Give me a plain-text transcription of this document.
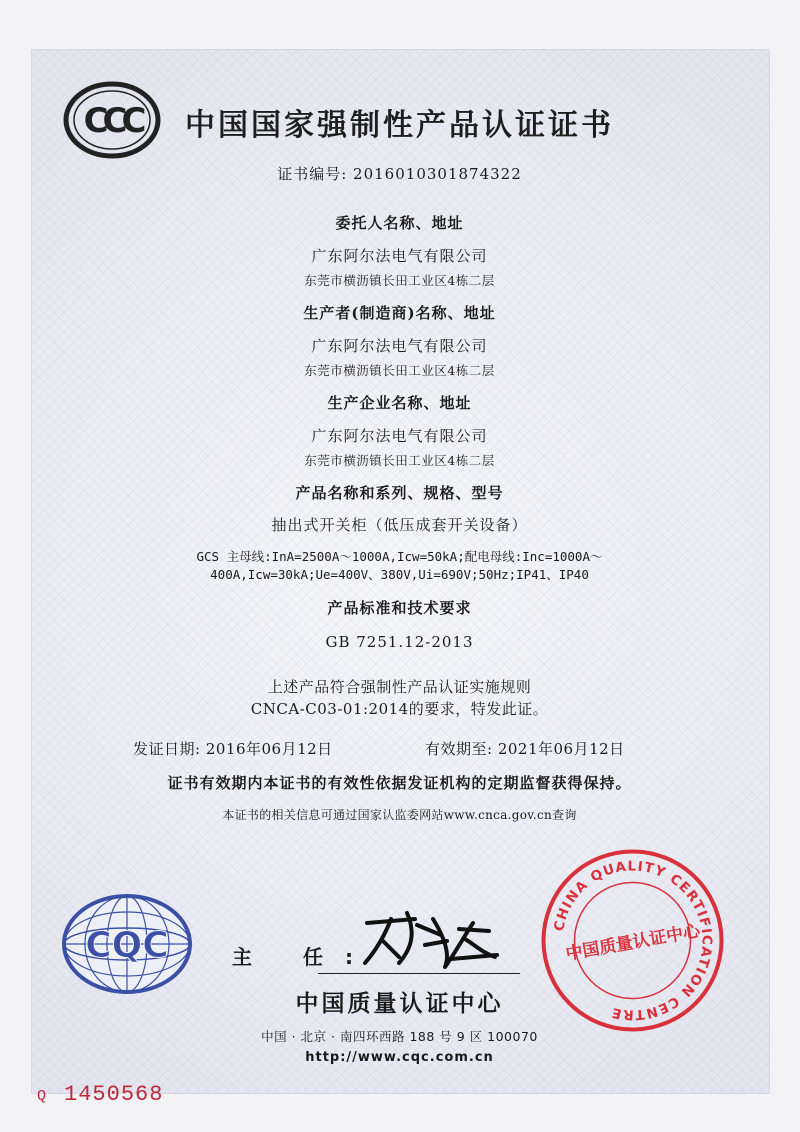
CCC 中国国家强制性产品认证证书
证书编号: 2016010301874322
委托人名称、地址
广东阿尔法电气有限公司
东莞市横沥镇长田工业区4栋二层
生产者(制造商)名称、地址
广东阿尔法电气有限公司
东莞市横沥镇长田工业区4栋二层
生产企业名称、地址
广东阿尔法电气有限公司
东莞市横沥镇长田工业区4栋二层
产品名称和系列、规格、型号
抽出式开关柜（低压成套开关设备）
GCS 主母线:InA=2500A～1000A,Icw=50kA;配电母线:Inc=1000A～
400A,Icw=30kA;Ue=400V、380V,Ui=690V;50Hz;IP41、IP40
产品标准和技术要求
GB 7251.12-2013
上述产品符合强制性产品认证实施规则
CNCA-C03-01:2014的要求，特发此证。
发证日期: 2016年06月12日	有效期至: 2021年06月12日
证书有效期内本证书的有效性依据发证机构的定期监督获得保持。
本证书的相关信息可通过国家认监委网站www.cnca.gov.cn查询
CQC	主 任:
中国质量认证中心
中国 · 北京 · 南四环西路 188 号 9 区 100070
http://www.cqc.com.cn
CHINA QUALITY CERTIFICATION CENTRE
中国质量认证中心
Q 1450568
